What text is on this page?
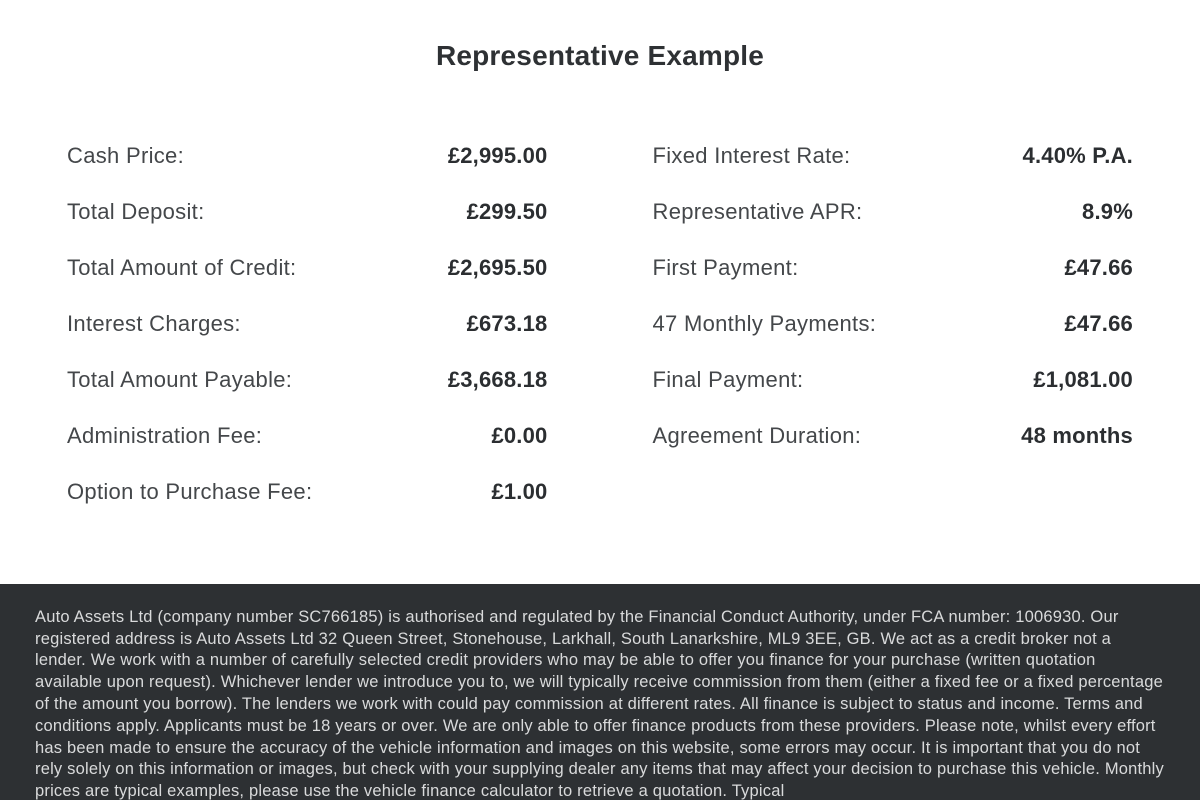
Representative Example
Cash Price:	£2,995.00
Total Deposit:	£299.50
Total Amount of Credit:	£2,695.50
Interest Charges:	£673.18
Total Amount Payable:	£3,668.18
Administration Fee:	£0.00
Option to Purchase Fee:	£1.00
Fixed Interest Rate:	4.40% P.A.
Representative APR:	8.9%
First Payment:	£47.66
47 Monthly Payments:	£47.66
Final Payment:	£1,081.00
Agreement Duration:	48 months

Auto Assets Ltd (company number SC766185) is authorised and regulated by the Financial Conduct Authority, under FCA number: 1006930. Our registered address is Auto Assets Ltd 32 Queen Street, Stonehouse, Larkhall, South Lanarkshire, ML9 3EE, GB. We act as a credit broker not a lender. We work with a number of carefully selected credit providers who may be able to offer you finance for your purchase (written quotation available upon request). Whichever lender we introduce you to, we will typically receive commission from them (either a fixed fee or a fixed percentage of the amount you borrow). The lenders we work with could pay commission at different rates. All finance is subject to status and income. Terms and conditions apply. Applicants must be 18 years or over. We are only able to offer finance products from these providers. Please note, whilst every effort has been made to ensure the accuracy of the vehicle information and images on this website, some errors may occur. It is important that you do not rely solely on this information or images, but check with your supplying dealer any items that may affect your decision to purchase this vehicle. Monthly prices are typical examples, please use the vehicle finance calculator to retrieve a quotation. Typical
